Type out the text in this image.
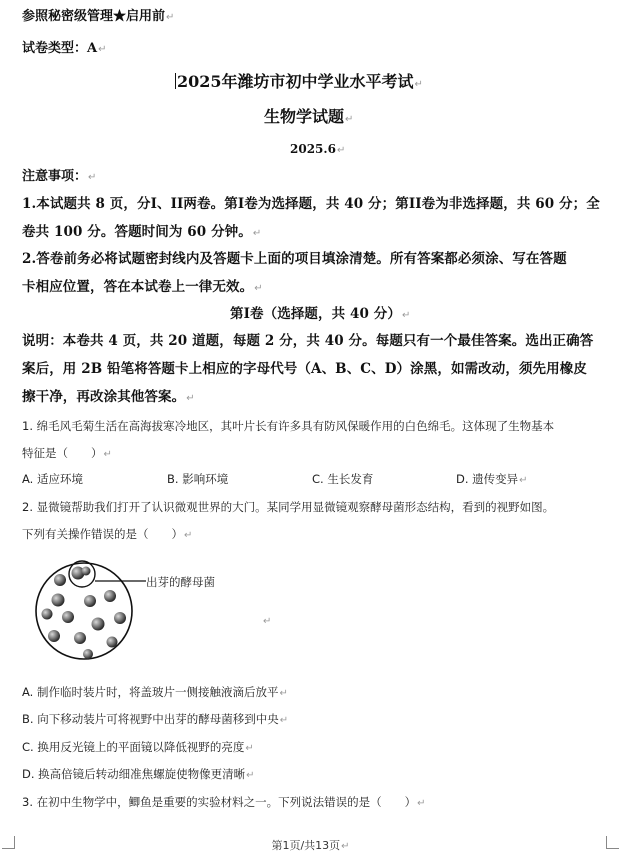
参照秘密级管理★启用前↵
试卷类型：A↵
2025年潍坊市初中学业水平考试↵
生物学试题↵
2025.6↵
注意事项：↵
1.本试题共 8 页，分I、II两卷。第I卷为选择题，共 40 分；第II卷为非选择题，共 60 分；全
卷共 100 分。答题时间为 60 分钟。↵
2.答卷前务必将试题密封线内及答题卡上面的项目填涂清楚。所有答案都必须涂、写在答题
卡相应位置，答在本试卷上一律无效。↵
第I卷（选择题，共 40 分）↵
说明：本卷共 4 页，共 20 道题，每题 2 分，共 40 分。每题只有一个最佳答案。选出正确答
案后，用 2B 铅笔将答题卡上相应的字母代号（A、B、C、D）涂黑，如需改动，须先用橡皮
擦干净，再改涂其他答案。↵
1. 绵毛风毛菊生活在高海拔寒冷地区，其叶片长有许多具有防风保暖作用的白色绵毛。这体现了生物基本
特征是（　　）↵
A. 适应环境	B. 影响环境	C. 生长发育	D. 遗传变异↵
2. 显微镜帮助我们打开了认识微观世界的大门。某同学用显微镜观察酵母菌形态结构，看到的视野如图。
下列有关操作错误的是（　　）↵
出芽的酵母菌
↵
A. 制作临时装片时，将盖玻片一侧接触液滴后放平↵
B. 向下移动装片可将视野中出芽的酵母菌移到中央↵
C. 换用反光镜上的平面镜以降低视野的亮度↵
D. 换高倍镜后转动细准焦螺旋使物像更清晰↵
3. 在初中生物学中，鲫鱼是重要的实验材料之一。下列说法错误的是（　　）↵
第1页/共13页↵
